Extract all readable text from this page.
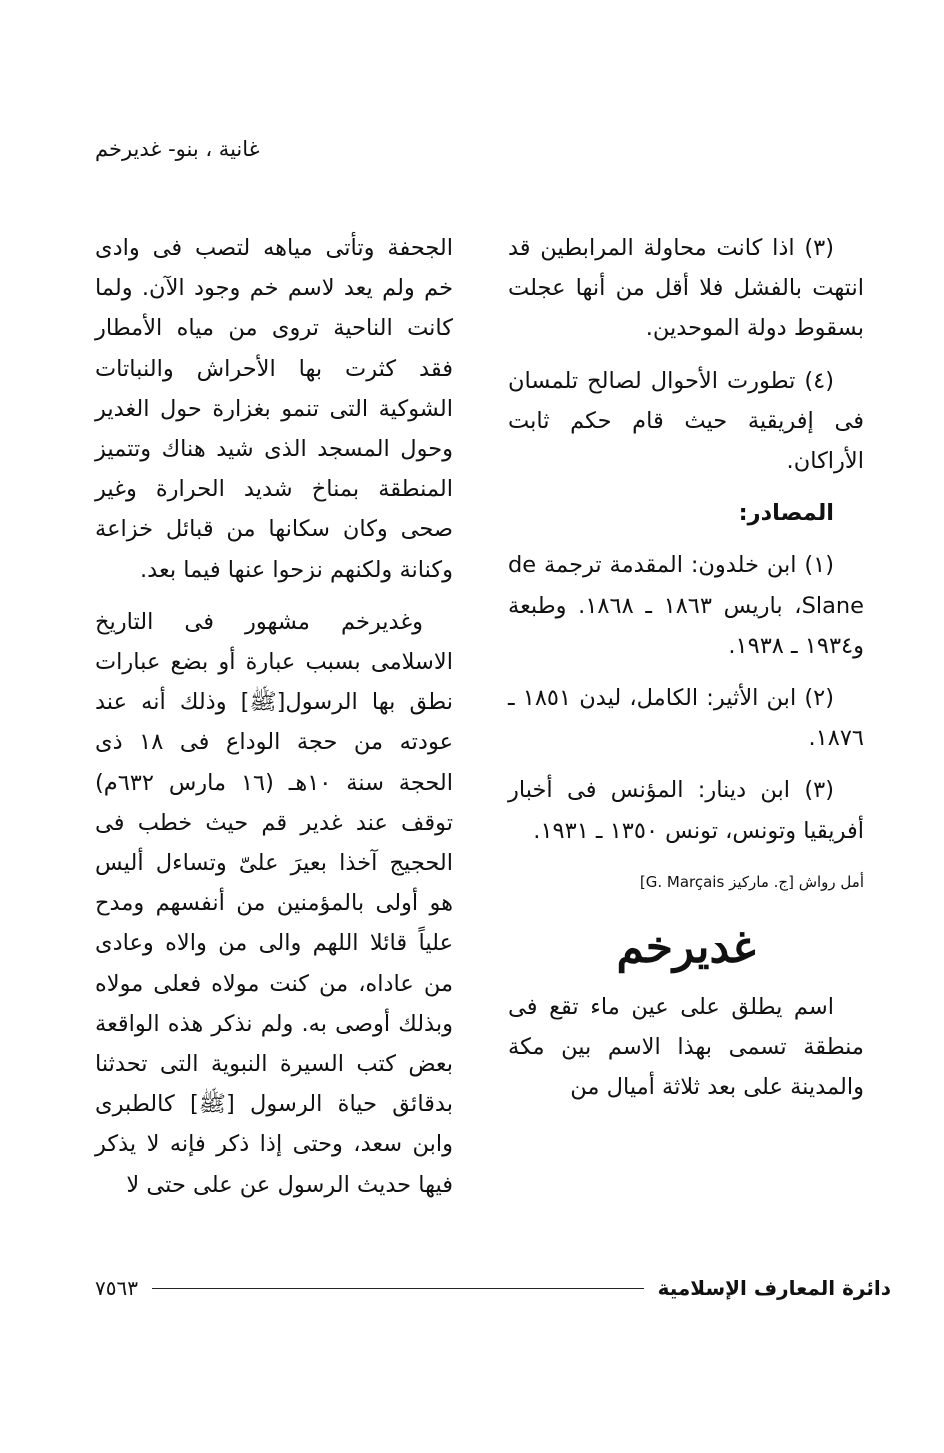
غانية ، بنو- غديرخم

(٣) اذا كانت محاولة المرابطين قد انتهت بالفشل فلا أقل من أنها عجلت بسقوط دولة الموحدين.

(٤) تطورت الأحوال لصالح تلمسان فى إفريقية حيث قام حكم ثابت الأراكان.

المصادر:

(١) ابن خلدون: المقدمة ترجمة de Slane، باريس ١٨٦٣ ـ ١٨٦٨. وطبعة و١٩٣٤ ـ ١٩٣٨.

(٢) ابن الأثير: الكامل، ليدن ١٨٥١ ـ ١٨٧٦.

(٣) ابن دينار: المؤنس فى أخبار أفريقيا وتونس، تونس ١٣٥٠ ـ ١٩٣١.

أمل رواش [ج. ماركيز G. Marçais]

غديرخم

اسم يطلق على عين ماء تقع فى منطقة تسمى بهذا الاسم بين مكة والمدينة على بعد ثلاثة أميال من

الجحفة وتأتى مياهه لتصب فى وادى خم ولم يعد لاسم خم وجود الآن. ولما كانت الناحية تروى من مياه الأمطار فقد كثرت بها الأحراش والنباتات الشوكية التى تنمو بغزارة حول الغدير وحول المسجد الذى شيد هناك وتتميز المنطقة بمناخ شديد الحرارة وغير صحى وكان سكانها من قبائل خزاعة وكنانة ولكنهم نزحوا عنها فيما بعد.

وغديرخم مشهور فى التاريخ الاسلامى بسبب عبارة أو بضع عبارات نطق بها الرسول[ﷺ] وذلك أنه عند عودته من حجة الوداع فى ١٨ ذى الحجة سنة ١٠هـ (١٦ مارس ٦٣٢م) توقف عند غدير قم حيث خطب فى الحجيج آخذا بعيرَ علىّ وتساءل أليس هو أولى بالمؤمنين من أنفسهم ومدح علياً قائلا اللهم والى من والاه وعادى من عاداه، من كنت مولاه فعلى مولاه وبذلك أوصى به. ولم نذكر هذه الواقعة بعض كتب السيرة النبوية التى تحدثنا بدقائق حياة الرسول [ﷺ] كالطبرى وابن سعد، وحتى إذا ذكر فإنه لا يذكر فيها حديث الرسول عن على حتى لا

دائرة المعارف الإسلامية
٧٥٦٣
